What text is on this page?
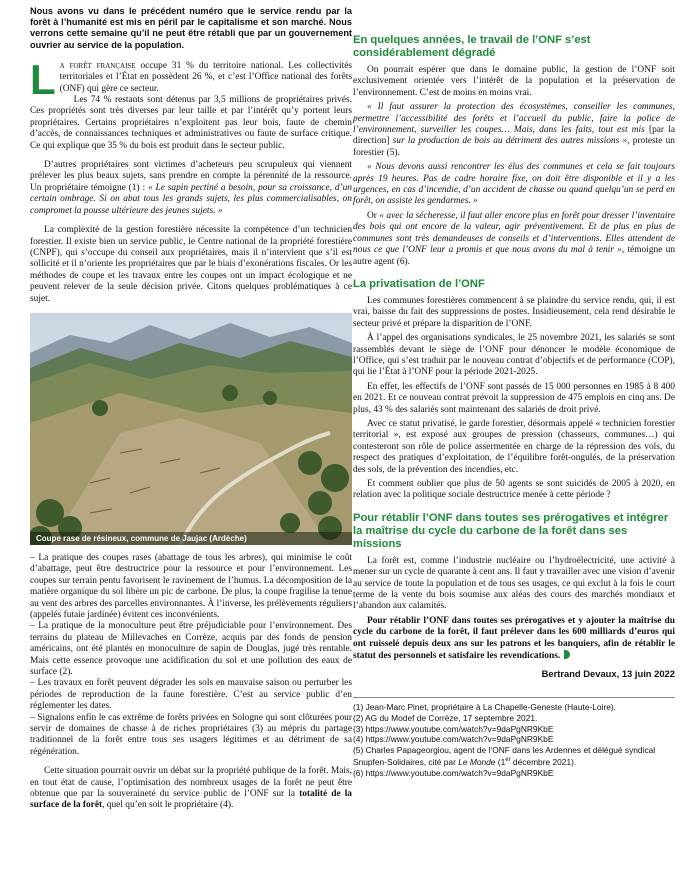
Nous avons vu dans le précédent numéro que le service rendu par la forêt à l’humanité est mis en péril par le capitalisme et son marché. Nous verrons cette semaine qu’il ne peut être rétabli que par un gouvernement ouvrier au service de la population.

La forêt française occupe 31 % du territoire national. Les collectivités territoriales et l’État en possèdent 26 %, et c’est l’Office national des forêts (ONF) qui gère ce secteur.

Les 74 % restants sont détenus par 3,5 millions de propriétaires privés. Ces propriétés sont très diverses par leur taille et par l’intérêt qu’y portent leurs propriétaires. Certains propriétaires n’exploitent pas leur bois, faute de chemin d’accès, de connaissances techniques et administratives ou faute de surface critique. Ce qui explique que 35 % du bois est produit dans le secteur public.

D’autres propriétaires sont victimes d’acheteurs peu scrupuleux qui viennent prélever les plus beaux sujets, sans prendre en compte la pérennité de la ressource. Un propriétaire témoigne (1) : « Le sapin pectiné a besoin, pour sa croissance, d’un certain ombrage. Si on abat tous les grands sujets, les plus commercialisables, on compromet la pousse ultérieure des jeunes sujets. »

La complexité de la gestion forestière nécessite la compétence d’un technicien forestier. Il existe bien un service public, le Centre national de la propriété forestière (CNPF), qui s’occupe du conseil aux propriétaires, mais il n’intervient que s’il est sollicité et il n’oriente les propriétaires que par le biais d’exonérations fiscales. Or les méthodes de coupe et les travaux entre les coupes ont un impact écologique et ne peuvent relever de la seule décision privée. Citons quelques problématiques à ce sujet.

Coupe rase de résineux, commune de Jaujac (Ardèche)

– La pratique des coupes rases (abattage de tous les arbres), qui minimise le coût d’abattage, peut être destructrice pour la ressource et pour l’environnement. Les coupes sur terrain pentu favorisent le ravinement de l’humus. La décomposition de la matière organique du sol libère un pic de carbone. De plus, la coupe fragilise la tenue au vent des arbres des parcelles environnantes. À l’inverse, les prélèvements réguliers (appelés futaie jardinée) évitent ces inconvénients.

– La pratique de la monoculture peut être préjudiciable pour l’environnement. Des terrains du plateau de Millevaches en Corrèze, acquis par des fonds de pension américains, ont été plantés en monoculture de sapin de Douglas, jugé très rentable. Mais cette essence provoque une acidification du sol et une pollution des eaux de surface (2).

– Les travaux en forêt peuvent dégrader les sols en mauvaise saison ou perturber les périodes de reproduction de la faune forestière. C’est au service public d’en réglementer les dates.

– Signalons enfin le cas extrême de forêts privées en Sologne qui sont clôturées pour servir de domaines de chasse à de riches propriétaires (3) au mépris du partage traditionnel de la forêt entre tous ses usagers légitimes et au détriment de sa régénération.

Cette situation pourrait ouvrir un débat sur la propriété publique de la forêt. Mais, en tout état de cause, l’optimisation des nombreux usages de la forêt ne peut être obtenue que par la souveraineté du service public de l’ONF sur la totalité de la surface de la forêt, quel qu’en soit le propriétaire (4).

En quelques années, le travail de l’ONF s’est considérablement dégradé

On pourrait espérer que dans le domaine public, la gestion de l’ONF soit exclusivement orientée vers l’intérêt de la population et la préservation de l’environnement. C’est de moins en moins vrai.

« Il faut assurer la protection des écosystèmes, conseiller les communes, permettre l’accessibilité des forêts et l’accueil du public, faire la police de l’environnement, surveiller les coupes… Mais, dans les faits, tout est mis [par la direction] sur la production de bois au détriment des autres missions », proteste un forestier (5).

« Nous devons aussi rencontrer les élus des communes et cela se fait toujours après 19 heures. Pas de cadre horaire fixe, on doit être disponible et il y a les urgences, en cas d’incendie, d’un accident de chasse ou quand quelqu’un se perd en forêt, on assiste les gendarmes. »

Or « avec la sécheresse, il faut aller encore plus en forêt pour dresser l’inventaire des bois qui ont encore de la valeur, agir préventivement. Et de plus en plus de communes sont très demandeuses de conseils et d’interventions. Elles attendent de nous ce que l’ONF leur a promis et que nous avons du mal à tenir », témoigne un autre agent (6).

La privatisation de l’ONF

Les communes forestières commencent à se plaindre du service rendu, qui, il est vrai, baisse du fait des suppressions de postes. Insidieusement, cela rend désirable le secteur privé et prépare la disparition de l’ONF.

À l’appel des organisations syndicales, le 25 novembre 2021, les salariés se sont rassemblés devant le siège de l’ONF pour dénoncer le modèle économique de l’Office, qui s’est traduit par le nouveau contrat d’objectifs et de performance (COP), qui lie l’État à l’ONF pour la période 2021-2025.

En effet, les effectifs de l’ONF sont passés de 15 000 personnes en 1985 à 8 400 en 2021. Et ce nouveau contrat prévoit la suppression de 475 emplois en cinq ans. De plus, 43 % des salariés sont maintenant des salariés de droit privé.

Avec ce statut privatisé, le garde forestier, désormais appelé « technicien forestier territorial », est exposé aux groupes de pression (chasseurs, communes…) qui contesteront son rôle de police assermentée en charge de la répression des vols, du respect des pratiques d’exploitation, de l’équilibre forêt-ongulés, de la préservation des sols, de la prévention des incendies, etc.

Et comment oublier que plus de 50 agents se sont suicidés de 2005 à 2020, en relation avec la politique sociale destructrice menée à cette période ?

Pour rétablir l’ONF dans toutes ses prérogatives et intégrer la maîtrise du cycle du carbone de la forêt dans ses missions

La forêt est, comme l’industrie nucléaire ou l’hydroélectricité, une activité à mener sur un cycle de quarante à cent ans. Il faut y travailler avec une vision d’avenir au service de toute la population et de tous ses usages, ce qui exclut à la fois le court terme de la vente du bois soumise aux aléas des cours des marchés mondiaux et l’abandon aux calamités.

Pour rétablir l’ONF dans toutes ses prérogatives et y ajouter la maîtrise du cycle du carbone de la forêt, il faut prélever dans les 600 milliards d’euros qui ont ruisselé depuis deux ans sur les patrons et les banquiers, afin de rétablir le statut des personnels et satisfaire les revendications.

Bertrand Devaux, 13 juin 2022

(1) Jean-Marc Pinet, propriétaire à La Chapelle-Geneste (Haute-Loire).

(2) AG du Modef de Corrèze, 17 septembre 2021.

(3) https://www.youtube.com/watch?v=9daPgNR9KbE

(4) https://www.youtube.com/watch?v=9daPgNR9KbE

(5) Charles Papageorgiou, agent de l’ONF dans les Ardennes et délégué syndical Snupfen-Solidaires, cité par Le Monde (1er décembre 2021).

(6) https://www.youtube.com/watch?v=9daPgNR9KbE
